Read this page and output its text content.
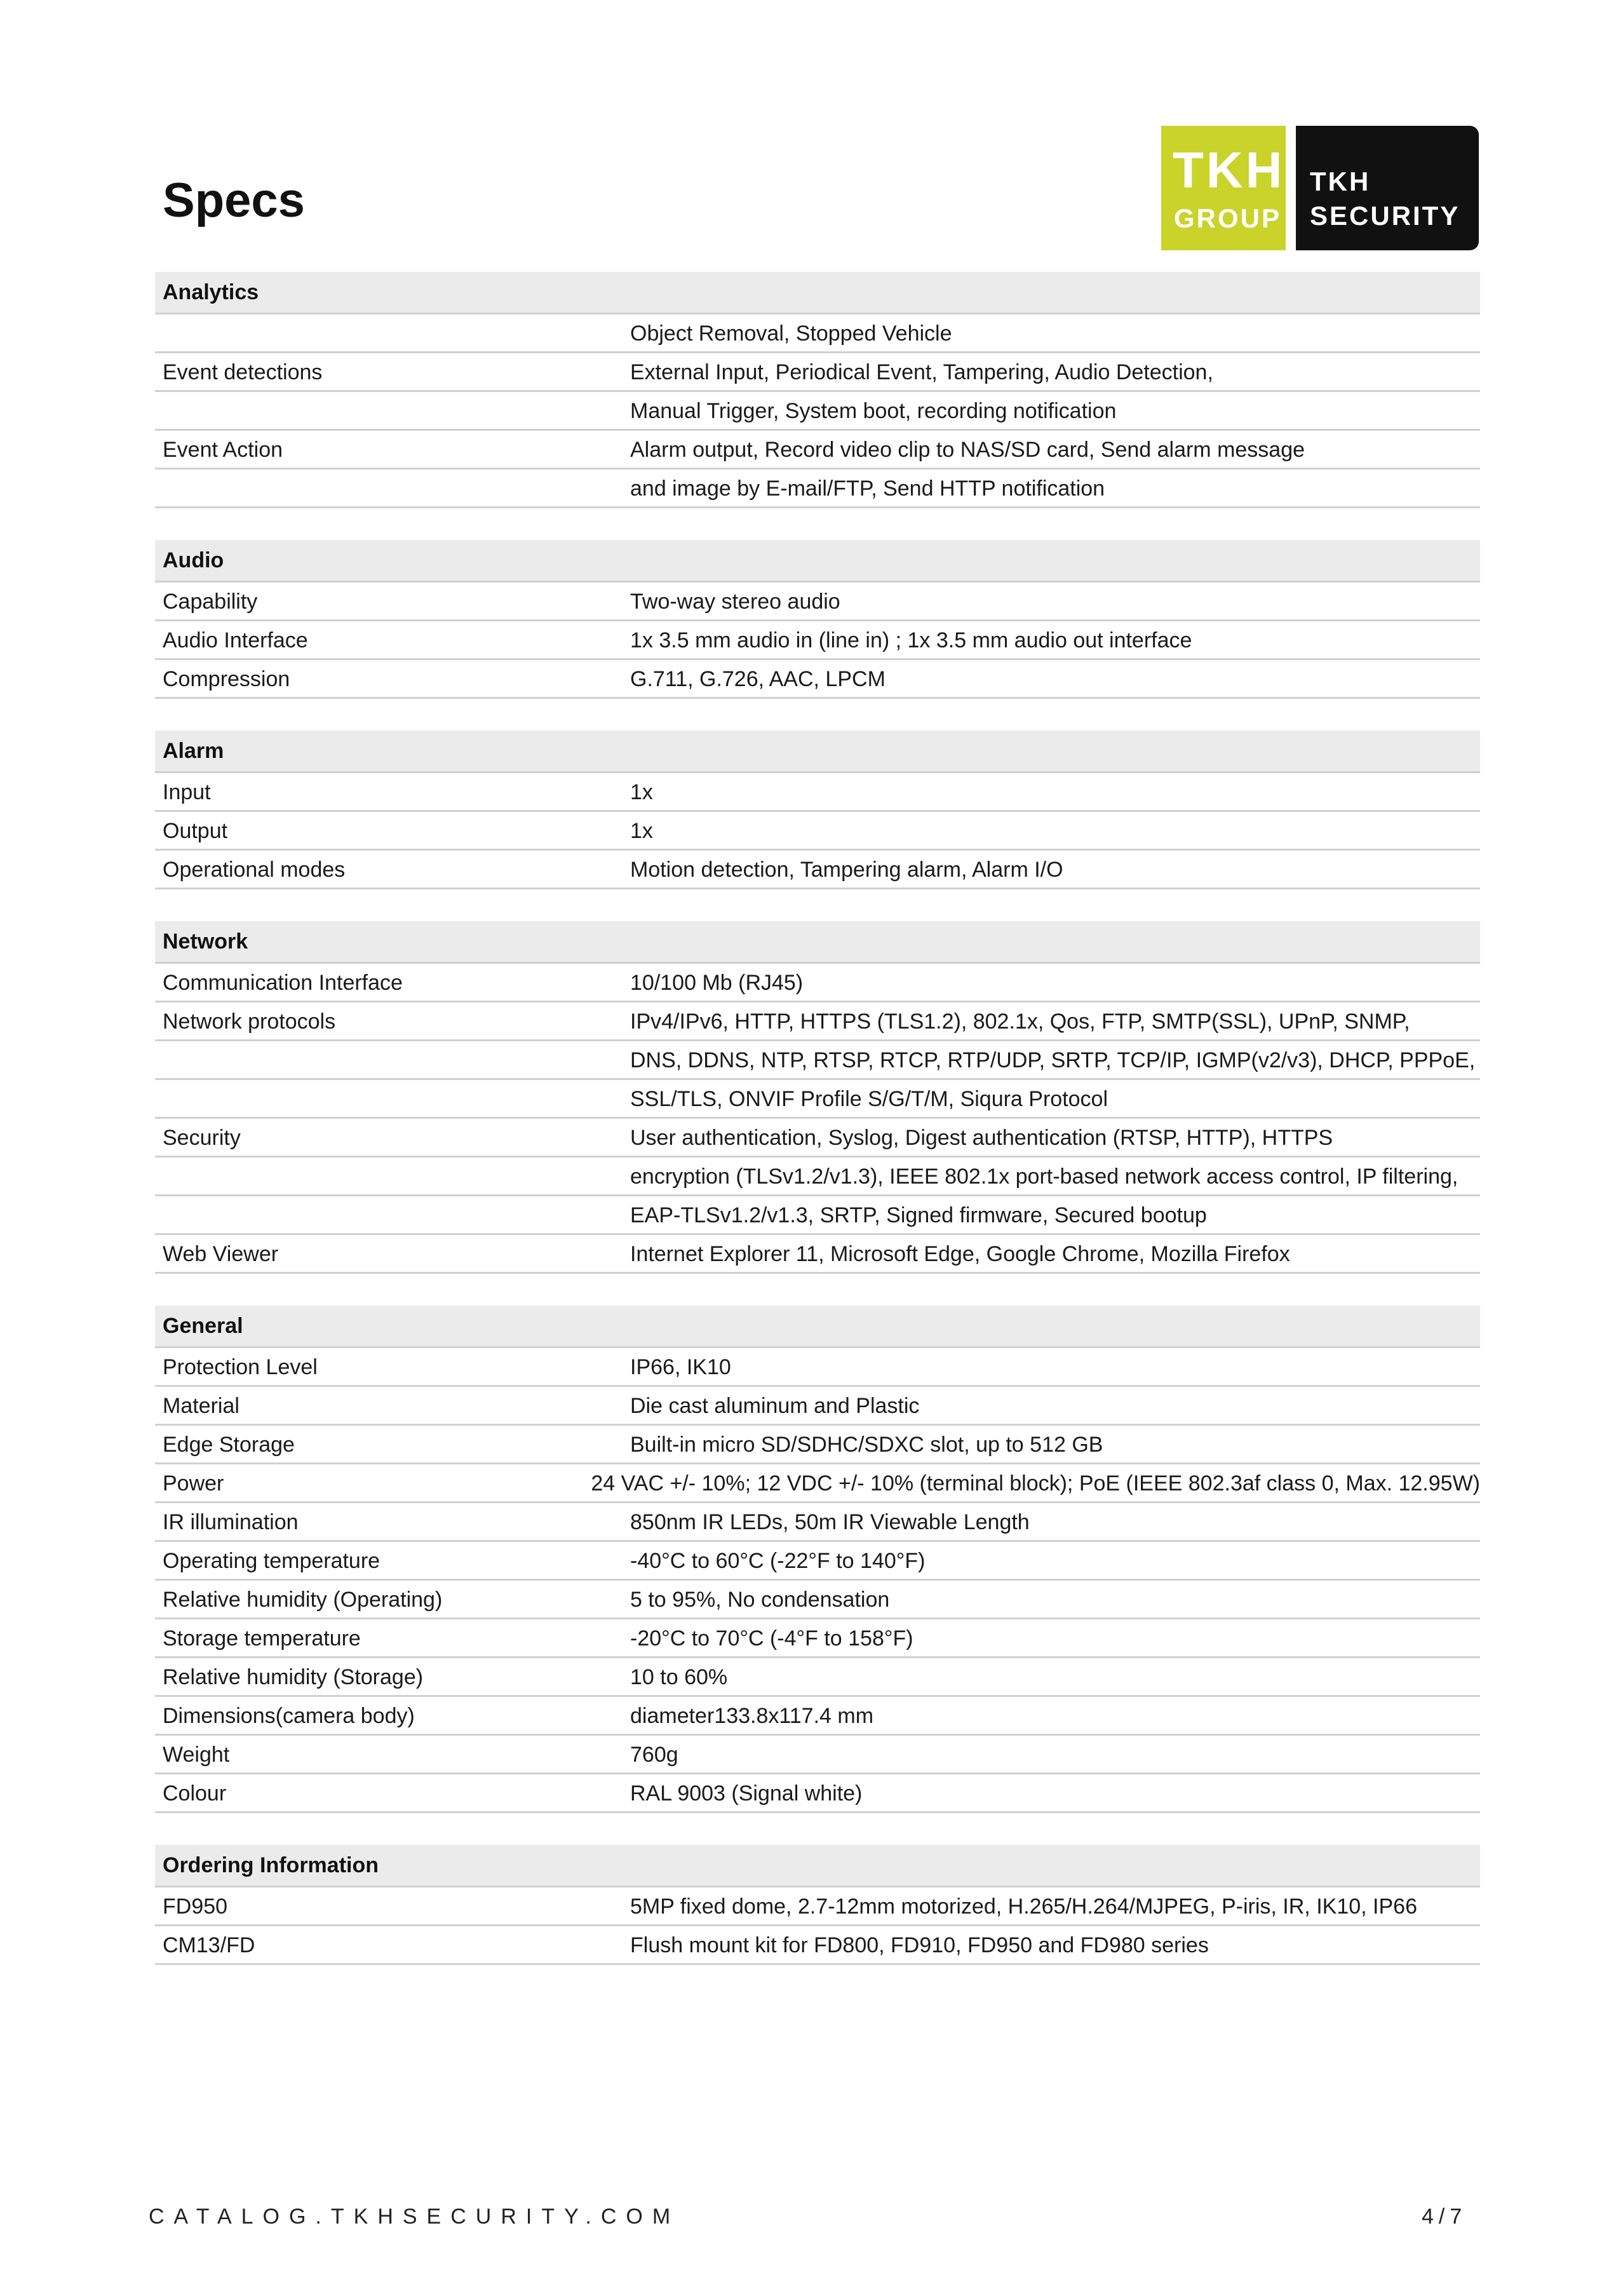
Specs
TKH
GROUP
TKH
SECURITY
Analytics
Object Removal, Stopped Vehicle
Event detections	External Input, Periodical Event, Tampering, Audio Detection,
Manual Trigger, System boot, recording notification
Event Action	Alarm output, Record video clip to NAS/SD card, Send alarm message
and image by E-mail/FTP, Send HTTP notification
Audio
Capability	Two-way stereo audio
Audio Interface	1x 3.5 mm audio in (line in) ; 1x 3.5 mm audio out interface
Compression	G.711, G.726, AAC, LPCM
Alarm
Input	1x
Output	1x
Operational modes	Motion detection, Tampering alarm, Alarm I/O
Network
Communication Interface	10/100 Mb (RJ45)
Network protocols	IPv4/IPv6, HTTP, HTTPS (TLS1.2), 802.1x, Qos, FTP, SMTP(SSL), UPnP, SNMP,
DNS, DDNS, NTP, RTSP, RTCP, RTP/UDP, SRTP, TCP/IP, IGMP(v2/v3), DHCP, PPPoE,
SSL/TLS, ONVIF Profile S/G/T/M, Siqura Protocol
Security	User authentication, Syslog, Digest authentication (RTSP, HTTP), HTTPS
encryption (TLSv1.2/v1.3), IEEE 802.1x port-based network access control, IP filtering,
EAP-TLSv1.2/v1.3, SRTP, Signed firmware, Secured bootup
Web Viewer	Internet Explorer 11, Microsoft Edge, Google Chrome, Mozilla Firefox
General
Protection Level	IP66, IK10
Material	Die cast aluminum and Plastic
Edge Storage	Built-in micro SD/SDHC/SDXC slot, up to 512 GB
Power	24 VAC +/- 10%; 12 VDC +/- 10% (terminal block); PoE (IEEE 802.3af class 0, Max. 12.95W)
IR illumination	850nm IR LEDs, 50m IR Viewable Length
Operating temperature	-40°C to 60°C (-22°F to 140°F)
Relative humidity (Operating)	5 to 95%, No condensation
Storage temperature	-20°C to 70°C (-4°F to 158°F)
Relative humidity (Storage)	10 to 60%
Dimensions(camera body)	diameter133.8x117.4 mm
Weight	760g
Colour	RAL 9003 (Signal white)
Ordering Information
FD950	5MP fixed dome, 2.7-12mm motorized, H.265/H.264/MJPEG, P-iris, IR, IK10, IP66
CM13/FD	Flush mount kit for FD800, FD910, FD950 and FD980 series
CATALOG.TKHSECURITY.COM	4/7
